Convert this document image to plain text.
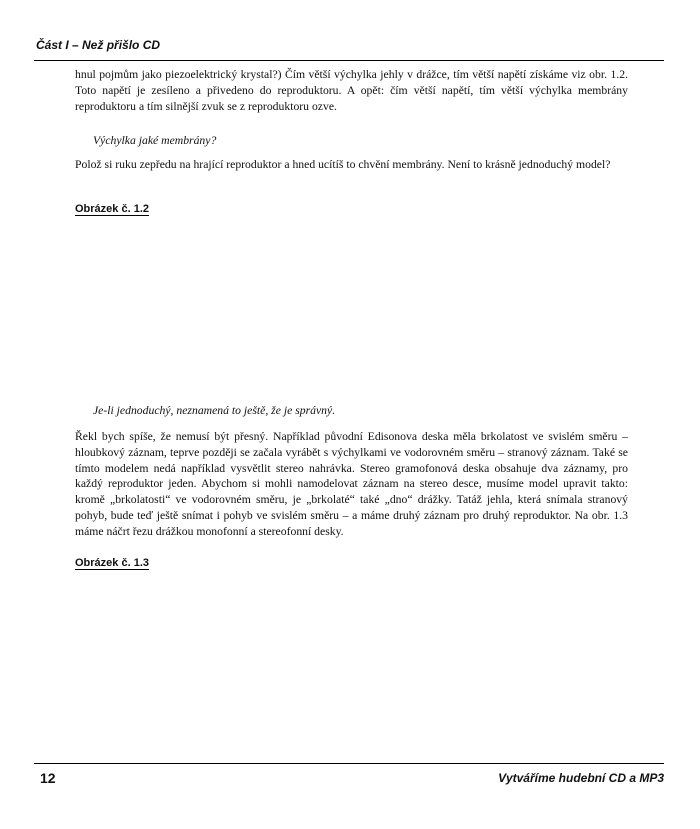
Část I – Než přišlo CD

hnul pojmům jako piezoelektrický krystal?) Čím větší výchylka jehly v drážce, tím větší napětí získáme viz obr. 1.2. Toto napětí je zesíleno a přivedeno do reproduktoru. A opět: čím větší napětí, tím větší výchylka membrány reproduktoru a tím silnější zvuk se z reproduktoru ozve.

Výchylka jaké membrány?

Polož si ruku zepředu na hrající reproduktor a hned ucítíš to chvění membrány. Není to krásně jednoduchý model?

Obrázek č. 1.2
Je-li jednoduchý, neznamená to ještě, že je správný.

Řekl bych spíše, že nemusí být přesný. Například původní Edisonova deska měla brkolatost ve svislém směru – hloubkový záznam, teprve později se začala vyrábět s výchylkami ve vodorovném směru – stranový záznam. Také se tímto modelem nedá například vysvětlit stereo nahrávka. Stereo gramofonová deska obsahuje dva záznamy, pro každý reproduktor jeden. Abychom si mohli namodelovat záznam na stereo desce, musíme model upravit takto: kromě „brkolatosti“ ve vodorovném směru, je „brkolaté“ také „dno“ drážky. Tatáž jehla, která snímala stranový pohyb, bude teď ještě snímat i pohyb ve svislém směru – a máme druhý záznam pro druhý reproduktor. Na obr. 1.3 máme náčrt řezu drážkou monofonní a stereofonní desky.

Obrázek č. 1.3
12	Vytváříme hudební CD a MP3
